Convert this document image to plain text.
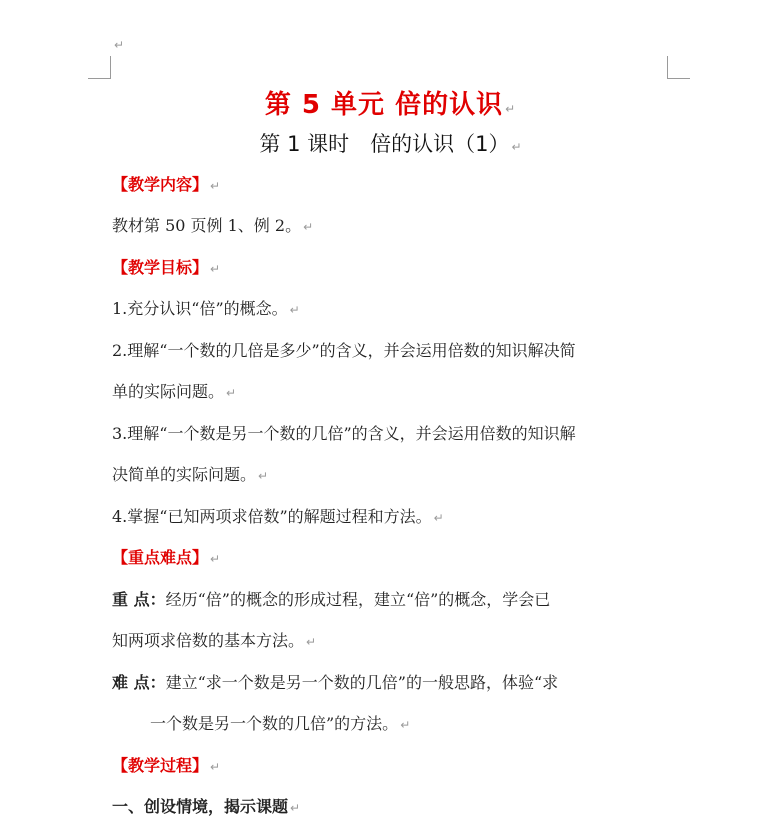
↵
第 5 单元 倍的认识 ↵
第 1 课时　倍的认识（1） ↵
【教学内容】 ↵
教材第 50 页例 1、例 2。 ↵
【教学目标】 ↵
1.充分认识“倍”的概念。 ↵
2.理解“一个数的几倍是多少”的含义，并会运用倍数的知识解决简
单的实际问题。 ↵
3.理解“一个数是另一个数的几倍”的含义，并会运用倍数的知识解
决简单的实际问题。 ↵
4.掌握“已知两项求倍数”的解题过程和方法。 ↵
【重点难点】 ↵
重 点：经历“倍”的概念的形成过程，建立“倍”的概念，学会已
知两项求倍数的基本方法。 ↵
难 点：建立“求一个数是另一个数的几倍”的一般思路，体验“求
一个数是另一个数的几倍”的方法。 ↵
【教学过程】 ↵
一、创设情境，揭示课题 ↵
